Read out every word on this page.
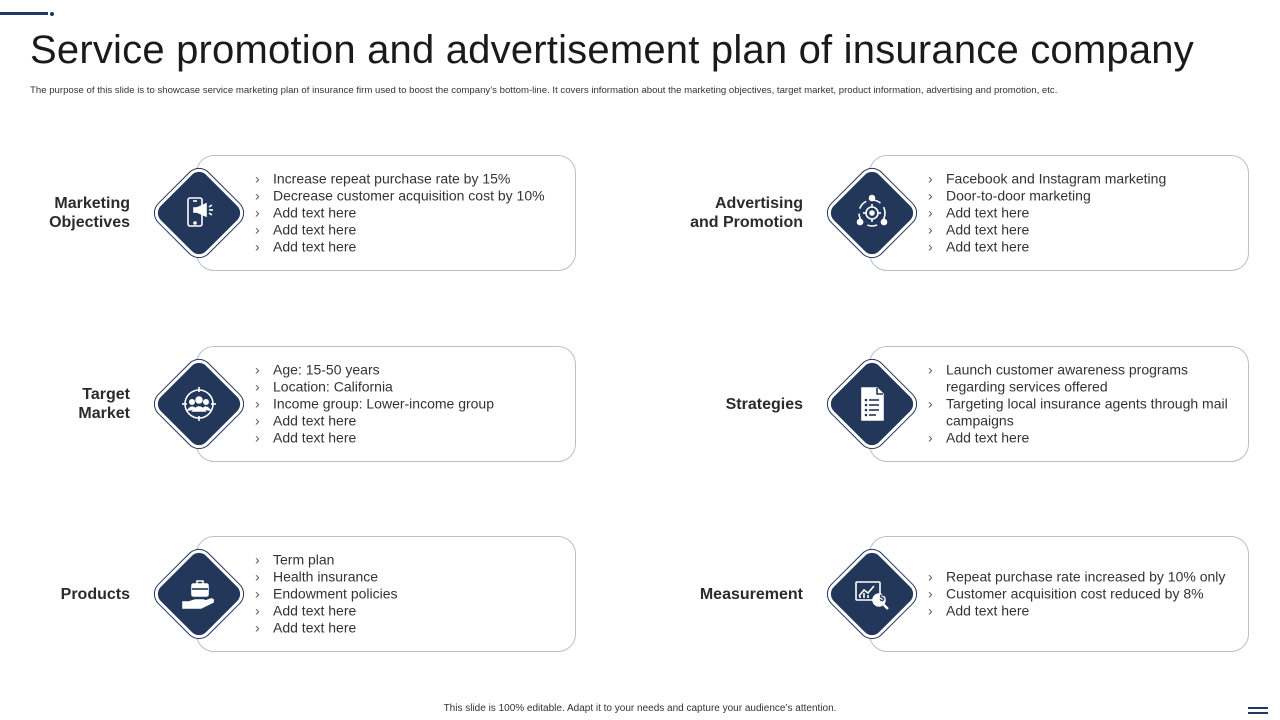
Service promotion and advertisement plan of insurance company

The purpose of this slide is to showcase service marketing plan of insurance firm used to boost the company’s bottom-line. It covers information about the marketing objectives, target market, product information, advertising and promotion, etc.

Marketing
Objectives
› Increase repeat purchase rate by 15%
› Decrease customer acquisition cost by 10%
› Add text here
› Add text here
› Add text here
Advertising
and Promotion
› Facebook and Instagram marketing
› Door-to-door marketing
› Add text here
› Add text here
› Add text here
Target
Market
› Age: 15-50 years
› Location: California
› Income group: Lower-income group
› Add text here
› Add text here
Strategies
› Launch customer awareness programs regarding services offered
› Targeting local insurance agents through mail campaigns
› Add text here
Products
› Term plan
› Health insurance
› Endowment policies
› Add text here
› Add text here
Measurement
› Repeat purchase rate increased by 10% only
› Customer acquisition cost reduced by 8%
› Add text here
$
This slide is 100% editable. Adapt it to your needs and capture your audience’s attention.
